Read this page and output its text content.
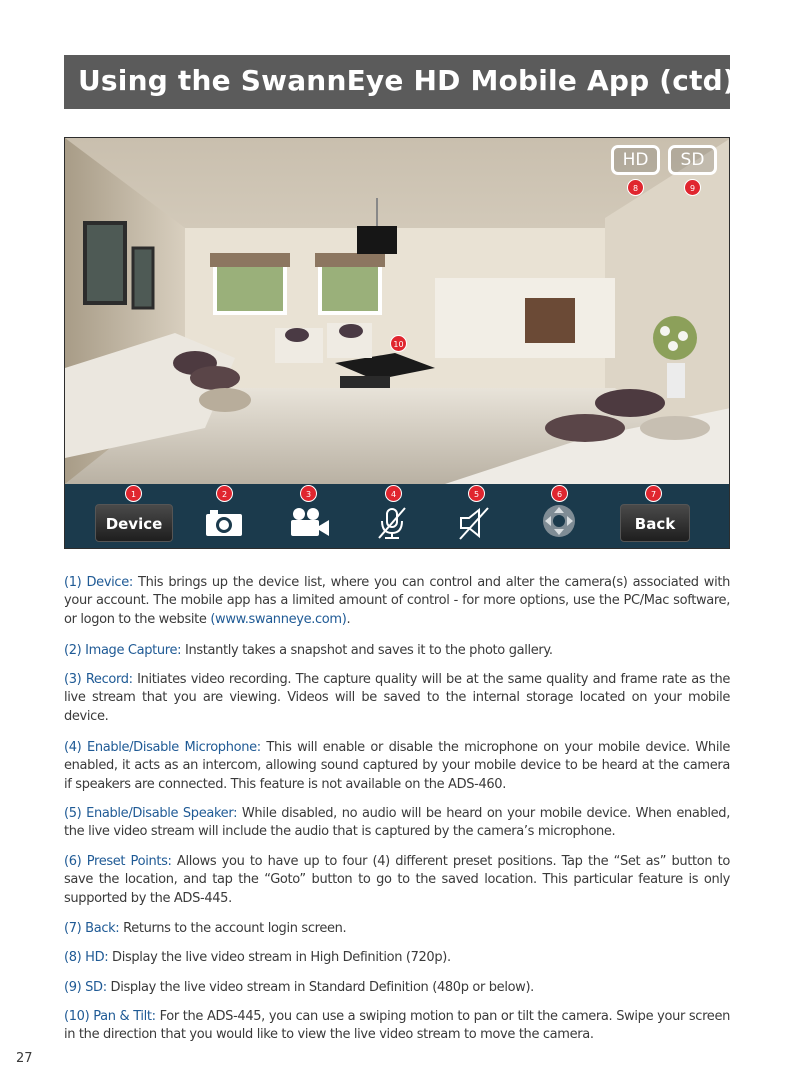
Using the SwannEye HD Mobile App (ctd)
HD	SD
8	9
10
1	2	3	4	5	6	7
Device	Back

(1) Device: This brings up the device list, where you can control and alter the camera(s) associated with your account. The mobile app has a limited amount of control - for more options, use the PC/Mac software, or logon to the website (www.swanneye.com).

(2) Image Capture: Instantly takes a snapshot and saves it to the photo gallery.

(3) Record: Initiates video recording. The capture quality will be at the same quality and frame rate as the live stream that you are viewing. Videos will be saved to the internal storage located on your mobile device.

(4) Enable/Disable Microphone: This will enable or disable the microphone on your mobile device. While enabled, it acts as an intercom, allowing sound captured by your mobile device to be heard at the camera if speakers are connected. This feature is not available on the ADS-460.

(5) Enable/Disable Speaker: While disabled, no audio will be heard on your mobile device. When enabled, the live video stream will include the audio that is captured by the camera’s microphone.

(6) Preset Points: Allows you to have up to four (4) different preset positions. Tap the “Set as” button to save the location, and tap the “Goto” button to go to the saved location. This particular feature is only supported by the ADS-445.

(7) Back: Returns to the account login screen.

(8) HD: Display the live video stream in High Definition (720p).

(9) SD: Display the live video stream in Standard Definition (480p or below).

(10) Pan & Tilt: For the ADS-445, you can use a swiping motion to pan or tilt the camera. Swipe your screen in the direction that you would like to view the live video stream to move the camera.

27
